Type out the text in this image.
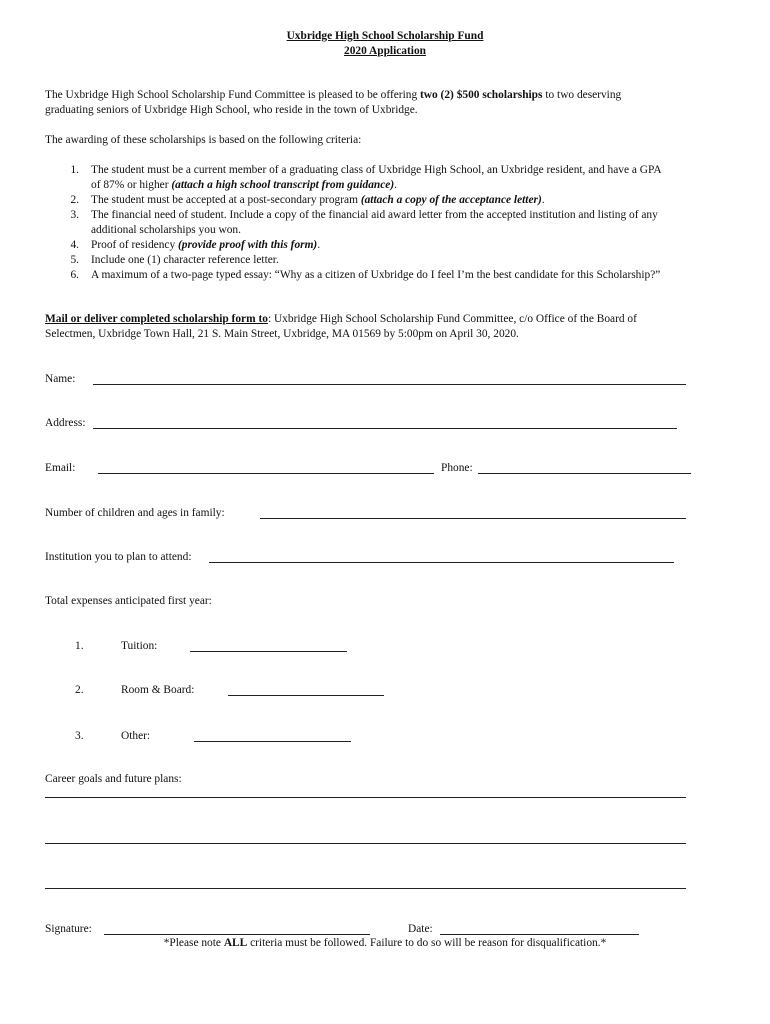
Uxbridge High School Scholarship Fund
2020 Application
The Uxbridge High School Scholarship Fund Committee is pleased to be offering two (2) $500 scholarships to two deserving
graduating seniors of Uxbridge High School, who reside in the town of Uxbridge.
The awarding of these scholarships is based on the following criteria:
1. The student must be a current member of a graduating class of Uxbridge High School, an Uxbridge resident, and have a GPA
of 87% or higher (attach a high school transcript from guidance).
2. The student must be accepted at a post-secondary program (attach a copy of the acceptance letter).
3. The financial need of student. Include a copy of the financial aid award letter from the accepted institution and listing of any
additional scholarships you won.
4. Proof of residency (provide proof with this form).
5. Include one (1) character reference letter.
6. A maximum of a two-page typed essay: “Why as a citizen of Uxbridge do I feel I’m the best candidate for this Scholarship?”
Mail or deliver completed scholarship form to: Uxbridge High School Scholarship Fund Committee, c/o Office of the Board of
Selectmen, Uxbridge Town Hall, 21 S. Main Street, Uxbridge, MA 01569 by 5:00pm on April 30, 2020.
Name:
Address:
Email:	Phone:
Number of children and ages in family:
Institution you to plan to attend:
Total expenses anticipated first year:
1.	Tuition:
2.	Room & Board:
3.	Other:
Career goals and future plans:
Signature:	Date:
*Please note ALL criteria must be followed. Failure to do so will be reason for disqualification.*
